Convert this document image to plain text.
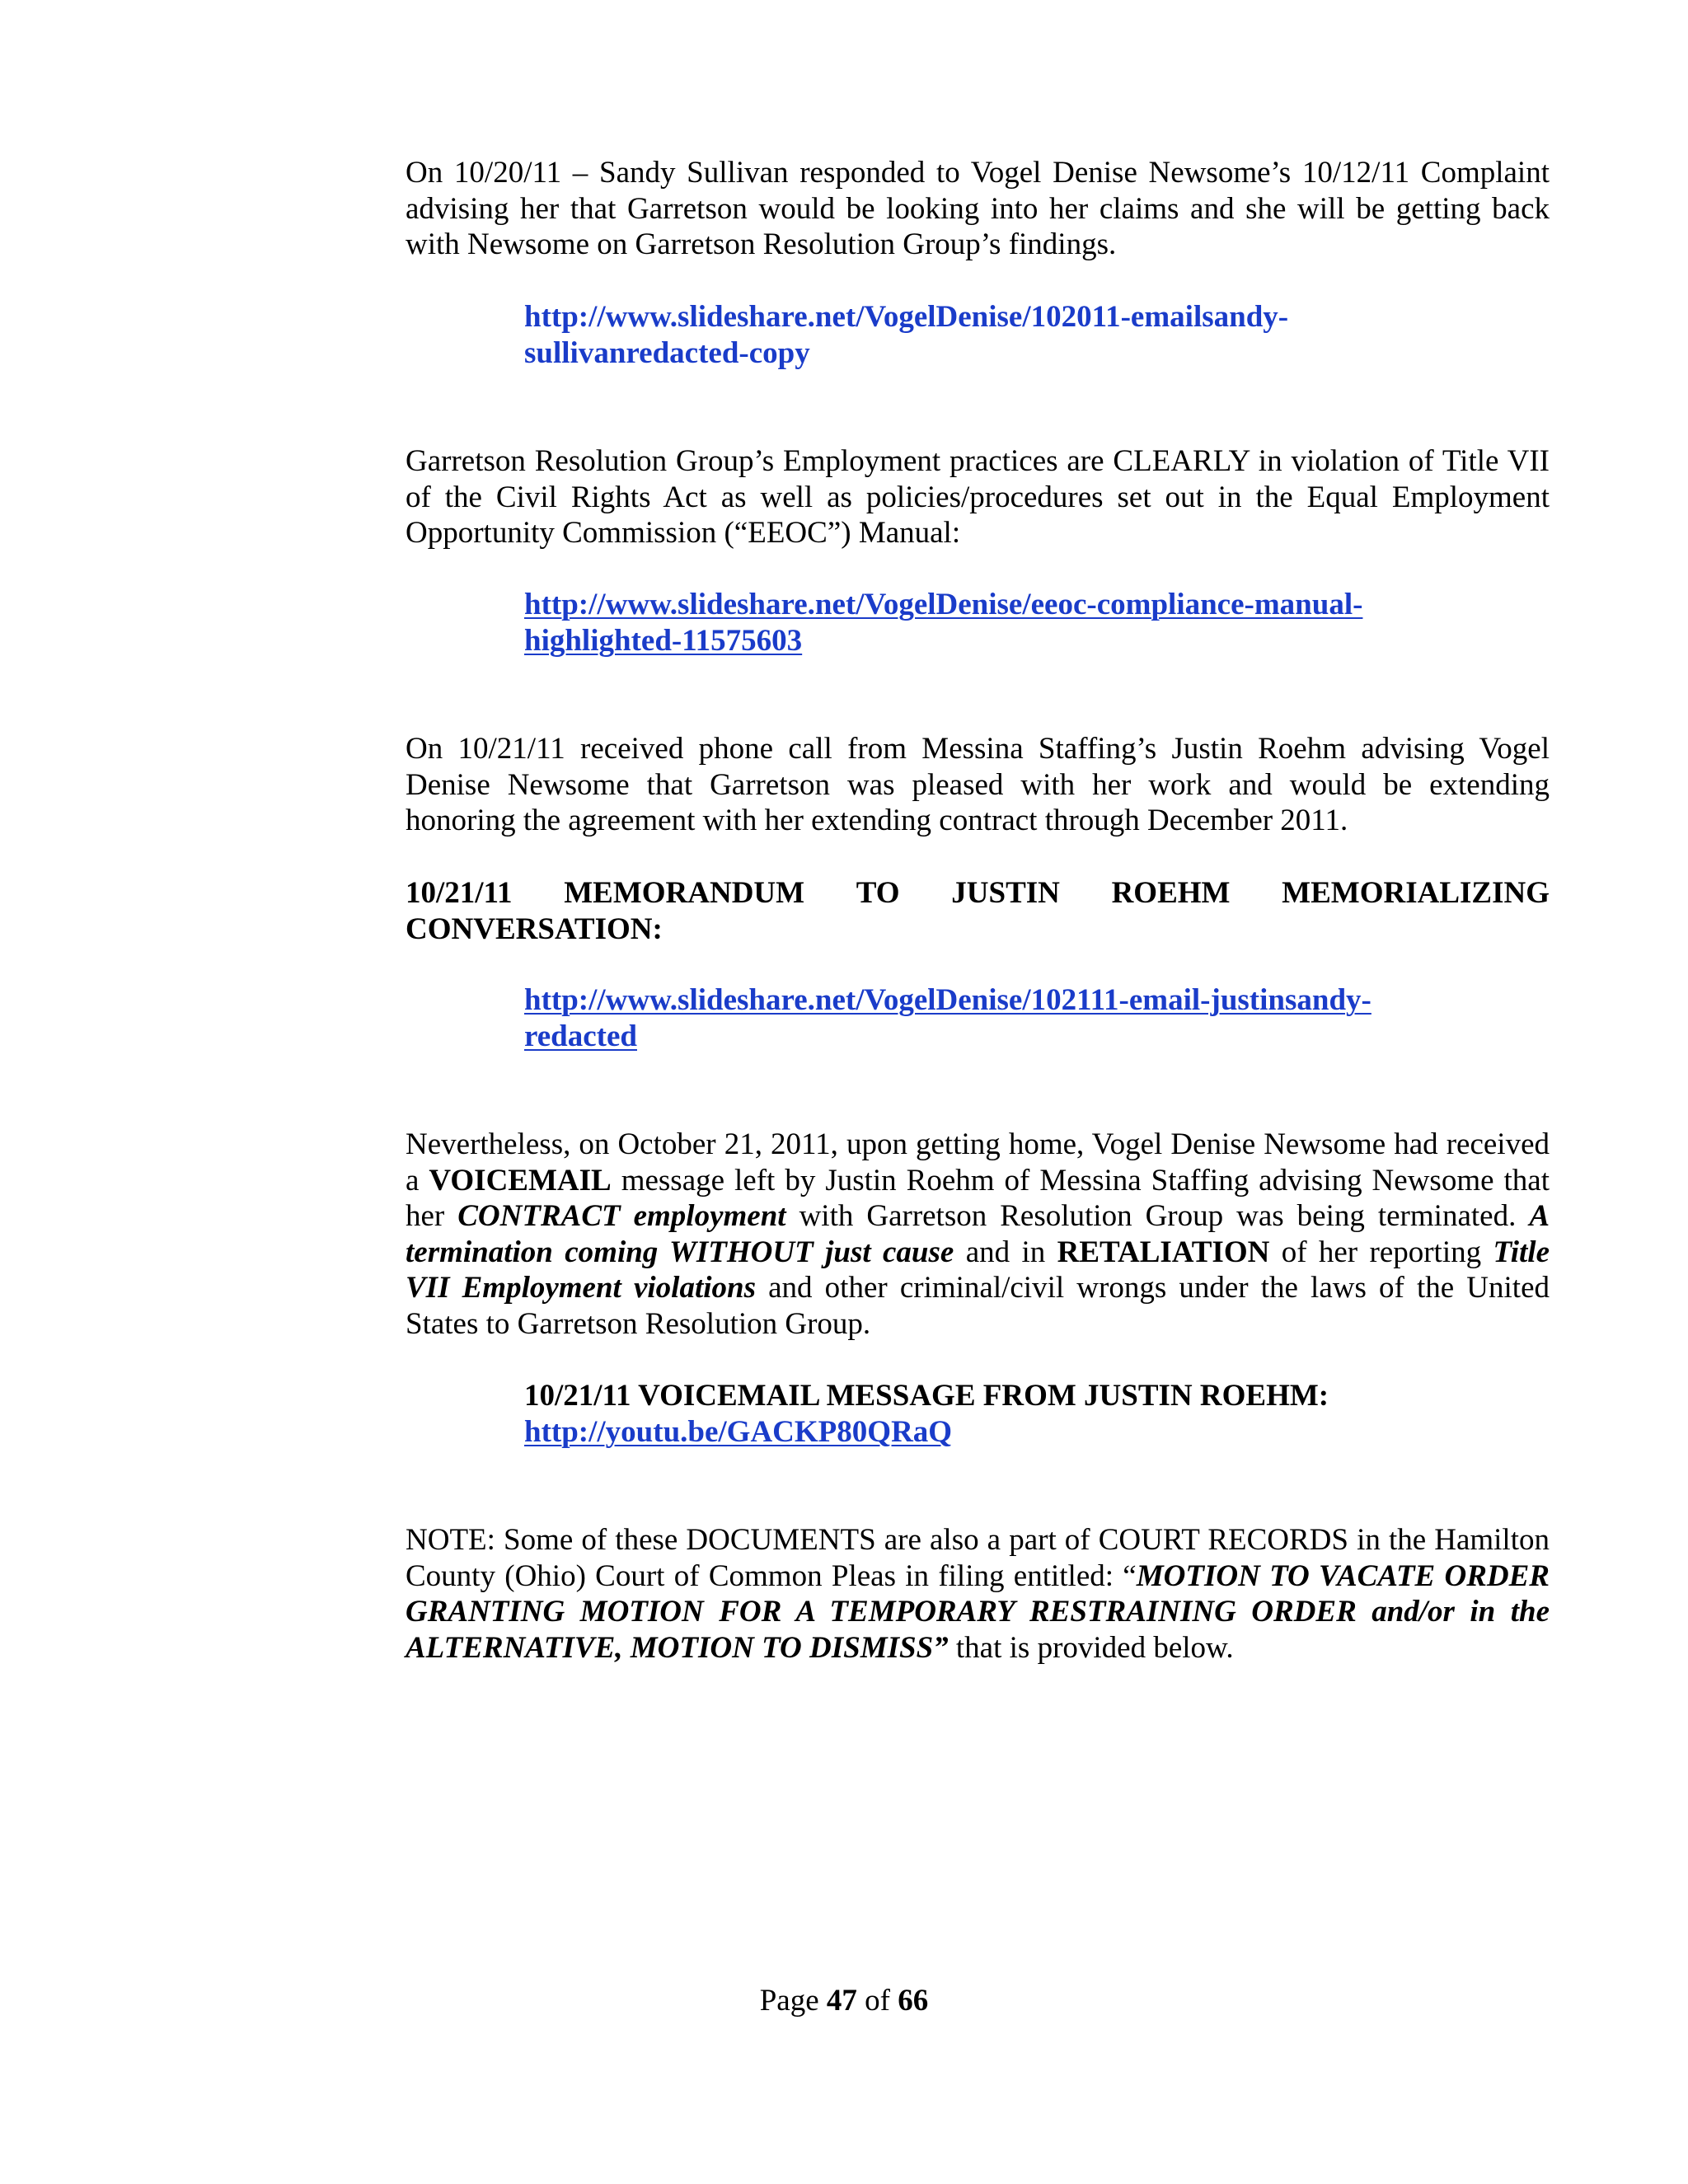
On 10/20/11 – Sandy Sullivan responded to Vogel Denise Newsome’s 10/12/11 Complaint advising her that Garretson would be looking into her claims and she will be getting back with Newsome on Garretson Resolution Group’s findings.

http://www.slideshare.net/VogelDenise/102011-emailsandy-
sullivanredacted-copy

Garretson Resolution Group’s Employment practices are CLEARLY in violation of Title VII of the Civil Rights Act as well as policies/procedures set out in the Equal Employment Opportunity Commission (“EEOC”) Manual:

http://www.slideshare.net/VogelDenise/eeoc-compliance-manual-
highlighted-11575603

On 10/21/11 received phone call from Messina Staffing’s Justin Roehm advising Vogel Denise Newsome that Garretson was pleased with her work and would be extending honoring the agreement with her extending contract through December 2011.

10/21/11 MEMORANDUM TO JUSTIN ROEHM MEMORIALIZING
CONVERSATION:
http://www.slideshare.net/VogelDenise/102111-email-justinsandy-
redacted

Nevertheless, on October 21, 2011, upon getting home, Vogel Denise Newsome had received a VOICEMAIL message left by Justin Roehm of Messina Staffing advising Newsome that her CONTRACT employment with Garretson Resolution Group was being terminated. A termination coming WITHOUT just cause and in RETALIATION of her reporting Title VII Employment violations and other criminal/civil wrongs under the laws of the United States to Garretson Resolution Group.

10/21/11 VOICEMAIL MESSAGE FROM JUSTIN ROEHM:
http://youtu.be/GACKP80QRaQ

NOTE: Some of these DOCUMENTS are also a part of COURT RECORDS in the Hamilton County (Ohio) Court of Common Pleas in filing entitled: “MOTION TO VACATE ORDER GRANTING MOTION FOR A TEMPORARY RESTRAINING ORDER and/or in the ALTERNATIVE, MOTION TO DISMISS” that is provided below.

Page 47 of 66
